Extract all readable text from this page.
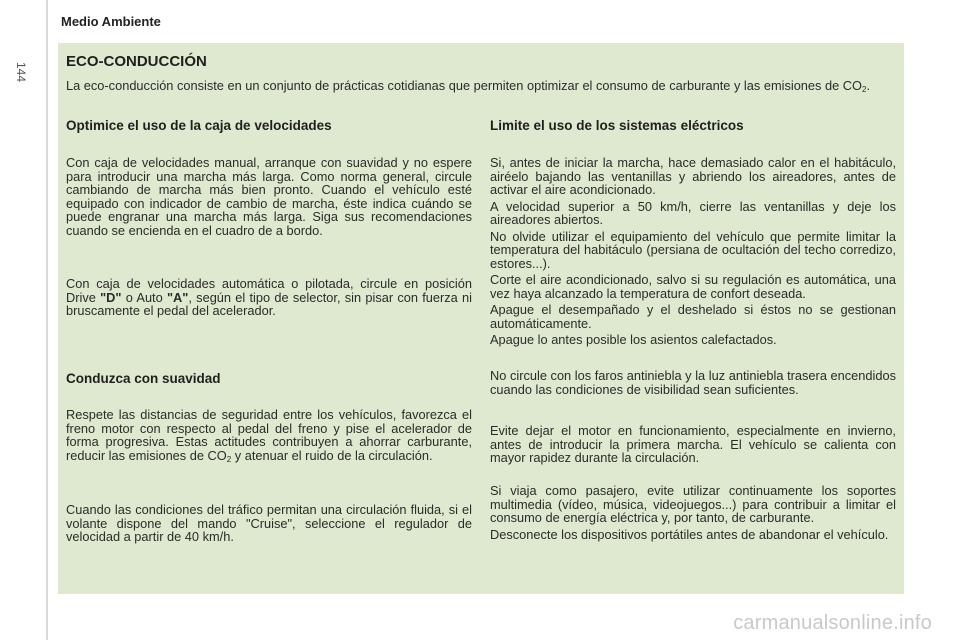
144
Medio Ambiente
ECO-CONDUCCIÓN

La eco-conducción consiste en un conjunto de prácticas cotidianas que permiten optimizar el consumo de carburante y las emisiones de $CO_2$.

Optimice el uso de la caja de velocidades

Con caja de velocidades manual, arranque con suavidad y no espere para introducir una marcha más larga. Como norma general, circule cambiando de marcha más bien pronto. Cuando el vehículo esté equipado con indicador de cambio de marcha, éste indica cuándo se puede engranar una marcha más larga. Siga sus recomendaciones cuando se encienda en el cuadro de a bordo.

Con caja de velocidades automática o pilotada, circule en posición Drive "D" o Auto "A", según el tipo de selector, sin pisar con fuerza ni bruscamente el pedal del acelerador.

Conduzca con suavidad

Respete las distancias de seguridad entre los vehículos, favorezca el freno motor con respecto al pedal del freno y pise el acelerador de forma progresiva. Estas actitudes contribuyen a ahorrar carburante, reducir las emisiones de $CO_2$ y atenuar el ruido de la circulación.

Cuando las condiciones del tráfico permitan una circulación fluida, si el volante dispone del mando "Cruise", seleccione el regulador de velocidad a partir de 40 km/h.

Limite el uso de los sistemas eléctricos

Si, antes de iniciar la marcha, hace demasiado calor en el habitáculo, airéelo bajando las ventanillas y abriendo los aireadores, antes de activar el aire acondicionado.

A velocidad superior a 50 km/h, cierre las ventanillas y deje los aireadores abiertos.

No olvide utilizar el equipamiento del vehículo que permite limitar la temperatura del habitáculo (persiana de ocultación del techo corredizo, estores...).

Corte el aire acondicionado, salvo si su regulación es automática, una vez haya alcanzado la temperatura de confort deseada.

Apague el desempañado y el deshelado si éstos no se gestionan automáticamente.

Apague lo antes posible los asientos calefactados.

No circule con los faros antiniebla y la luz antiniebla trasera encendidos cuando las condiciones de visibilidad sean suficientes.

Evite dejar el motor en funcionamiento, especialmente en invierno, antes de introducir la primera marcha. El vehículo se calienta con mayor rapidez durante la circulación.

Si viaja como pasajero, evite utilizar continuamente los soportes multimedia (vídeo, música, videojuegos...) para contribuir a limitar el consumo de energía eléctrica y, por tanto, de carburante.

Desconecte los dispositivos portátiles antes de abandonar el vehículo.

carmanualsonline.info
